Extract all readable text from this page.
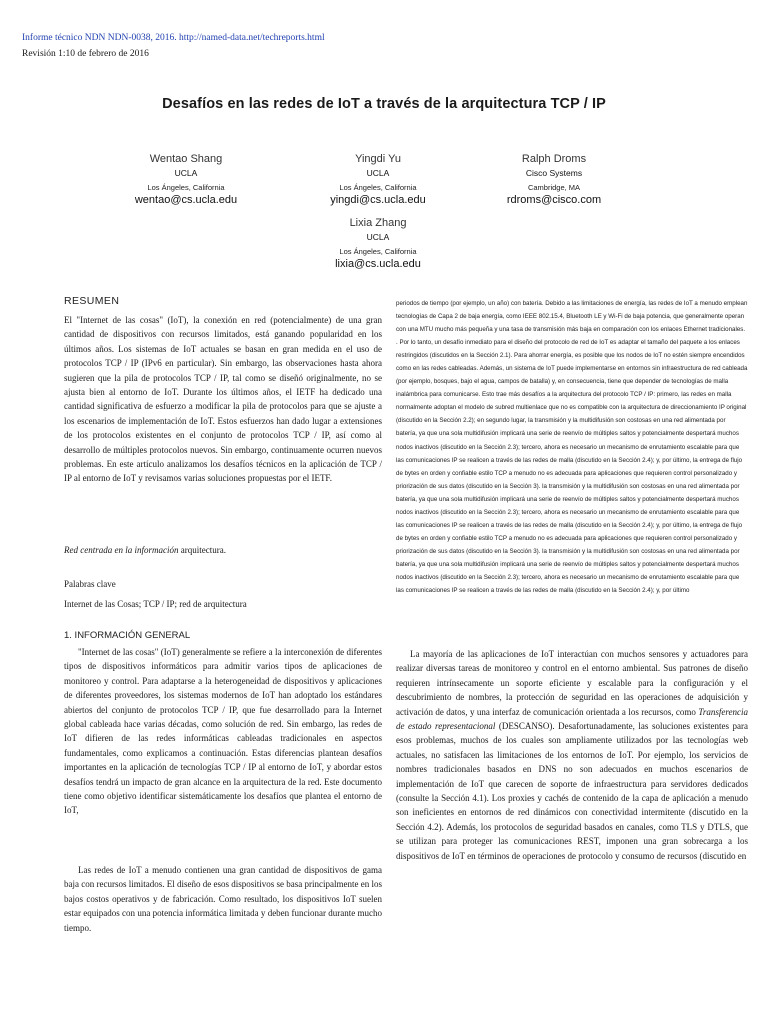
Informe técnico NDN NDN-0038, 2016. http://named-data.net/techreports.html
Revisión 1:10 de febrero de 2016
Desafíos en las redes de IoT a través de la arquitectura TCP / IP
Wentao Shang
UCLA
Los Ángeles, California
wentao@cs.ucla.edu
Yingdi Yu
UCLA
Los Ángeles, California
yingdi@cs.ucla.edu
Ralph Droms
Cisco Systems
Cambridge, MA
rdroms@cisco.com
Lixia Zhang
UCLA
Los Ángeles, California
lixia@cs.ucla.edu
RESUMEN
El "Internet de las cosas" (IoT), la conexión en red (potencialmente) de una gran cantidad de dispositivos con recursos limitados, está ganando popularidad en los últimos años. Los sistemas de IoT actuales se basan en gran medida en el uso de protocolos TCP / IP (IPv6 en particular). Sin embargo, las observaciones hasta ahora sugieren que la pila de protocolos TCP / IP, tal como se diseñó originalmente, no se ajusta bien al entorno de IoT. Durante los últimos años, el IETF ha dedicado una cantidad significativa de esfuerzo a modificar la pila de protocolos para que se ajuste a los escenarios de implementación de IoT. Estos esfuerzos han dado lugar a extensiones de los protocolos existentes en el conjunto de protocolos TCP / IP, así como al desarrollo de múltiples protocolos nuevos. Sin embargo, continuamente ocurren nuevos problemas. En este artículo analizamos los desafíos técnicos en la aplicación de TCP / IP al entorno de IoT y revisamos varias soluciones propuestas por el IETF.
Red centrada en la información arquitectura.
Palabras clave
Internet de las Cosas; TCP / IP; red de arquitectura
1. INFORMACIÓN GENERAL
"Internet de las cosas" (IoT) generalmente se refiere a la interconexión de diferentes tipos de dispositivos informáticos para admitir varios tipos de aplicaciones de monitoreo y control. Para adaptarse a la heterogeneidad de dispositivos y aplicaciones de diferentes proveedores, los sistemas modernos de IoT han adoptado los estándares abiertos del conjunto de protocolos TCP / IP, que fue desarrollado para la Internet global cableada hace varias décadas, como solución de red. Sin embargo, las redes de IoT difieren de las redes informáticas cableadas tradicionales en aspectos fundamentales, como explicamos a continuación. Estas diferencias plantean desafíos importantes en la aplicación de tecnologías TCP / IP al entorno de IoT, y abordar estos desafíos tendrá un impacto de gran alcance en la arquitectura de la red. Este documento tiene como objetivo identificar sistemáticamente los desafíos que plantea el entorno de IoT,
Las redes de IoT a menudo contienen una gran cantidad de dispositivos de gama baja con recursos limitados. El diseño de esos dispositivos se basa principalmente en los bajos costos operativos y de fabricación. Como resultado, los dispositivos IoT suelen estar equipados con una potencia informática limitada y deben funcionar durante mucho tiempo.
periodos de tiempo (por ejemplo, un año) con batería. Debido a las limitaciones de energía, las redes de IoT a menudo emplean tecnologías de Capa 2 de baja energía, como IEEE 802.15.4, Bluetooth LE y Wi-Fi de baja potencia, que generalmente operan con una MTU mucho más pequeña y una tasa de transmisión más baja en comparación con los enlaces Ethernet tradicionales. . Por lo tanto, un desafío inmediato para el diseño del protocolo de red de IoT es adaptar el tamaño del paquete a los enlaces restringidos (discutidos en la Sección 2.1). Para ahorrar energía, es posible que los nodos de IoT no estén siempre encendidos como en las redes cableadas. Además, un sistema de IoT puede implementarse en entornos sin infraestructura de red cableada (por ejemplo, bosques, bajo el agua, campos de batalla) y, en consecuencia, tiene que depender de tecnologías de malla inalámbrica para comunicarse. Esto trae más desafíos a la arquitectura del protocolo TCP / IP: primero, las redes en malla normalmente adoptan el modelo de subred multienlace que no es compatible con la arquitectura de direccionamiento IP original (discutido en la Sección 2.2); en segundo lugar, la transmisión y la multidifusión son costosas en una red alimentada por batería, ya que una sola multidifusión implicará una serie de reenvío de múltiples saltos y potencialmente despertará muchos nodos inactivos (discutido en la Sección 2.3); tercero, ahora es necesario un mecanismo de enrutamiento escalable para que las comunicaciones IP se realicen a través de las redes de malla (discutido en la Sección 2.4); y, por último, la entrega de flujo de bytes en orden y confiable estilo TCP a menudo no es adecuada para aplicaciones que requieren control personalizado y priorización de sus datos (discutido en la Sección 3). la transmisión y la multidifusión son costosas en una red alimentada por batería, ya que una sola multidifusión implicará una serie de reenvío de múltiples saltos y potencialmente despertará muchos nodos inactivos (discutido en la Sección 2.3); tercero, ahora es necesario un mecanismo de enrutamiento escalable para que las comunicaciones IP se realicen a través de las redes de malla (discutido en la Sección 2.4); y, por último, la entrega de flujo de bytes en orden y confiable estilo TCP a menudo no es adecuada para aplicaciones que requieren control personalizado y priorización de sus datos (discutido en la Sección 3). la transmisión y la multidifusión son costosas en una red alimentada por batería, ya que una sola multidifusión implicará una serie de reenvío de múltiples saltos y potencialmente despertará muchos nodos inactivos (discutido en la Sección 2.3); tercero, ahora es necesario un mecanismo de enrutamiento escalable para que las comunicaciones IP se realicen a través de las redes de malla (discutido en la Sección 2.4); y, por último
La mayoría de las aplicaciones de IoT interactúan con muchos sensores y actuadores para realizar diversas tareas de monitoreo y control en el entorno ambiental. Sus patrones de diseño requieren intrínsecamente un soporte eficiente y escalable para la configuración y el descubrimiento de nombres, la protección de seguridad en las operaciones de adquisición y activación de datos, y una interfaz de comunicación orientada a los recursos, como Transferencia de estado representacional (DESCANSO). Desafortunadamente, las soluciones existentes para esos problemas, muchos de los cuales son ampliamente utilizados por las tecnologías web actuales, no satisfacen las limitaciones de los entornos de IoT. Por ejemplo, los servicios de nombres tradicionales basados en DNS no son adecuados en muchos escenarios de implementación de IoT que carecen de soporte de infraestructura para servidores dedicados (consulte la Sección 4.1). Los proxies y cachés de contenido de la capa de aplicación a menudo son ineficientes en entornos de red dinámicos con conectividad intermitente (discutido en la Sección 4.2). Además, los protocolos de seguridad basados en canales, como TLS y DTLS, que se utilizan para proteger las comunicaciones REST, imponen una gran sobrecarga a los dispositivos de IoT en términos de operaciones de protocolo y consumo de recursos (discutido en
